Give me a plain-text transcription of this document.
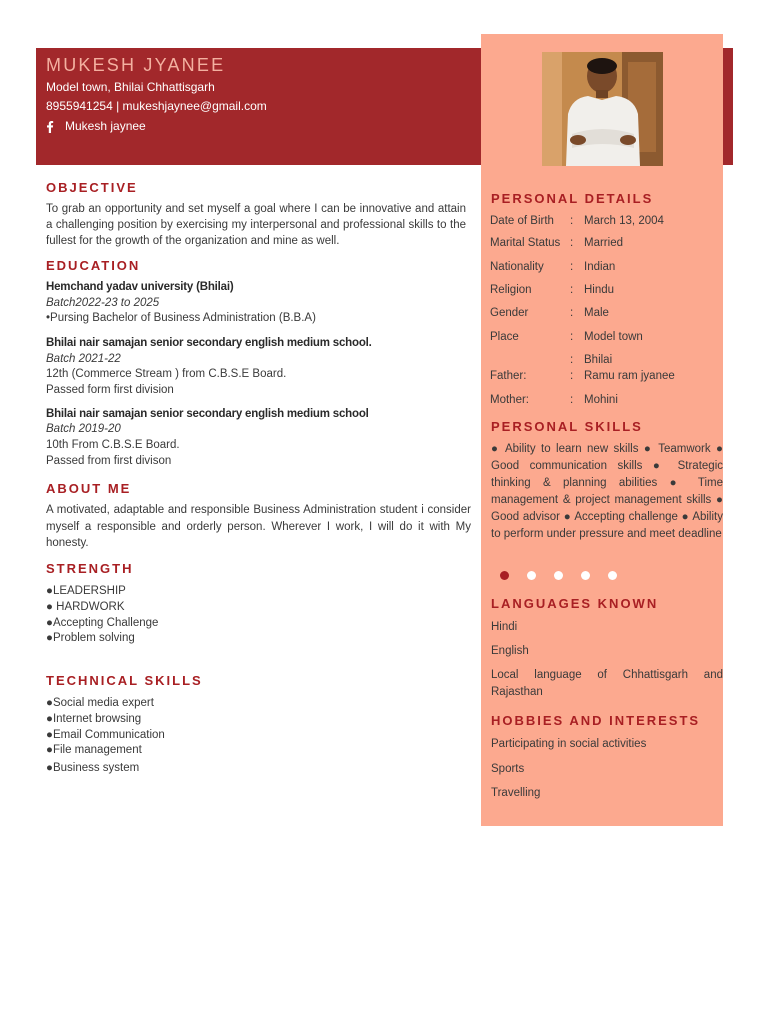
MUKESH JYANEE
Model town, Bhilai Chhattisgarh
8955941254 | mukeshjaynee@gmail.com
Mukesh jaynee
OBJECTIVE
To grab an opportunity and set myself a goal where I can be innovative and attain a challenging position by exercising my interpersonal and professional skills to the fullest for the growth of the organization and mine as well.
EDUCATION
Hemchand yadav university (Bhilai)
Batch2022-23 to 2025
•Pursing Bachelor of Business Administration (B.B.A)
Bhilai nair samajan senior secondary english medium school.
Batch 2021-22
12th (Commerce Stream ) from C.B.S.E Board.
Passed form first division
Bhilai nair samajan senior secondary english medium school
Batch 2019-20
10th From C.B.S.E Board.
Passed from first divison
ABOUT ME
A motivated, adaptable and responsible Business Administration student i consider myself a responsible and orderly person. Wherever I work, I will do it with My honesty.
STRENGTH
●LEADERSHIP
● HARDWORK
●Accepting Challenge
●Problem solving
TECHNICAL SKILLS
●Social media expert
●Internet browsing
●Email Communication
●File management
●Business system
PERSONAL DETAILS
Date of Birth : March 13, 2004
Marital Status : Married
Nationality : Indian
Religion	: Hindu
Gender	: Male
Place	: Model town
: Bhilai
Father:	: Ramu ram jyanee
Mother:	: Mohini
PERSONAL SKILLS
● Ability to learn new skills ● Teamwork ● Good communication skills ● Strategic thinking & planning abilities ● Time management & project management skills ● Good advisor ● Accepting challenge ● Ability to perform under pressure and meet deadline
LANGUAGES KNOWN
Hindi
English
Local language of Chhattisgarh and Rajasthan
HOBBIES AND INTERESTS
Participating in social activities
Sports
Travelling
